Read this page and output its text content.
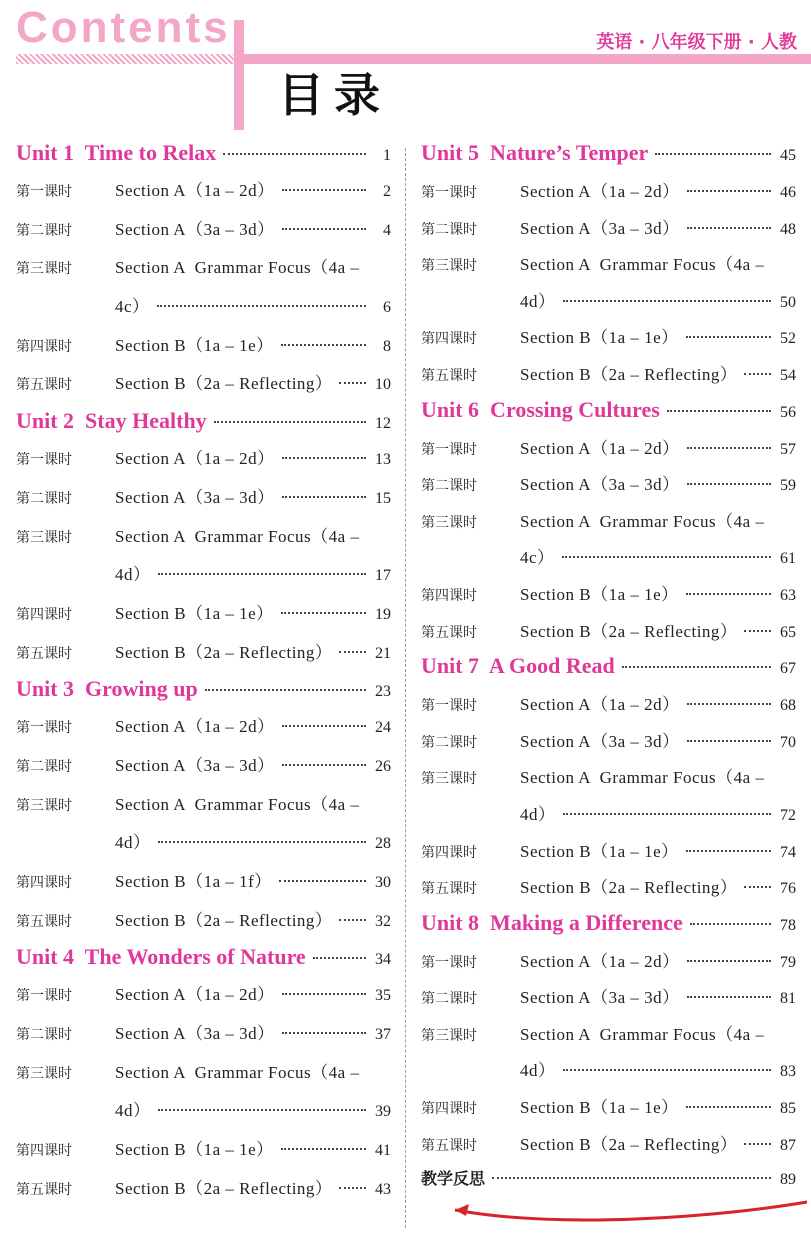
Contents	英语 · 八年级下册 · 人教
目录
Unit 1  Time to Relax	1
第一课时	Section A（1a – 2d）	2
第二课时	Section A（3a – 3d）	4
第三课时	Section A  Grammar Focus（4a –
4c）	6
第四课时	Section B（1a – 1e）	8
第五课时	Section B（2a – Reflecting）	10
Unit 2  Stay Healthy	12
第一课时	Section A（1a – 2d）	13
第二课时	Section A（3a – 3d）	15
第三课时	Section A  Grammar Focus（4a –
4d）	17
第四课时	Section B（1a – 1e）	19
第五课时	Section B（2a – Reflecting）	21
Unit 3  Growing up	23
第一课时	Section A（1a – 2d）	24
第二课时	Section A（3a – 3d）	26
第三课时	Section A  Grammar Focus（4a –
4d）	28
第四课时	Section B（1a – 1f）	30
第五课时	Section B（2a – Reflecting）	32
Unit 4  The Wonders of Nature	34
第一课时	Section A（1a – 2d）	35
第二课时	Section A（3a – 3d）	37
第三课时	Section A  Grammar Focus（4a –
4d）	39
第四课时	Section B（1a – 1e）	41
第五课时	Section B（2a – Reflecting）	43
Unit 5  Nature’s Temper	45
第一课时	Section A（1a – 2d）	46
第二课时	Section A（3a – 3d）	48
第三课时	Section A  Grammar Focus（4a –
4d）	50
第四课时	Section B（1a – 1e）	52
第五课时	Section B（2a – Reflecting）	54
Unit 6  Crossing Cultures	56
第一课时	Section A（1a – 2d）	57
第二课时	Section A（3a – 3d）	59
第三课时	Section A  Grammar Focus（4a –
4c）	61
第四课时	Section B（1a – 1e）	63
第五课时	Section B（2a – Reflecting）	65
Unit 7  A Good Read	67
第一课时	Section A（1a – 2d）	68
第二课时	Section A（3a – 3d）	70
第三课时	Section A  Grammar Focus（4a –
4d）	72
第四课时	Section B（1a – 1e）	74
第五课时	Section B（2a – Reflecting）	76
Unit 8  Making a Difference	78
第一课时	Section A（1a – 2d）	79
第二课时	Section A（3a – 3d）	81
第三课时	Section A  Grammar Focus（4a –
4d）	83
第四课时	Section B（1a – 1e）	85
第五课时	Section B（2a – Reflecting）	87
教学反思	89
